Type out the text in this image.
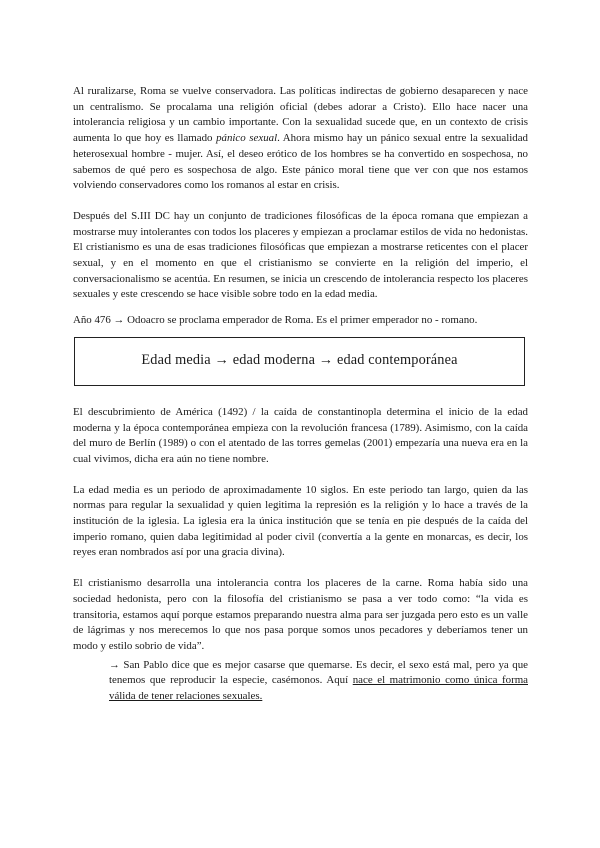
Al ruralizarse, Roma se vuelve conservadora. Las políticas indirectas de gobierno desaparecen y nace un centralismo. Se procalama una religión oficial (debes adorar a Cristo). Ello hace nacer una intolerancia religiosa y un cambio importante. Con la sexualidad sucede que, en un contexto de crisis aumenta lo que hoy es llamado pánico sexual. Ahora mismo hay un pánico sexual entre la sexualidad heterosexual hombre - mujer. Así, el deseo erótico de los hombres se ha convertido en sospechosa, no sabemos de qué pero es sospechosa de algo. Este pánico moral tiene que ver con que nos estamos volviendo conservadores como los romanos al estar en crisis.

Después del S.III DC hay un conjunto de tradiciones filosóficas de la época romana que empiezan a mostrarse muy intolerantes con todos los placeres y empiezan a proclamar estilos de vida no hedonistas. El cristianismo es una de esas tradiciones filosóficas que empiezan a mostrarse reticentes con el placer sexual, y en el momento en que el cristianismo se convierte en la religión del imperio, el conversacionalismo se acentúa. En resumen, se inicia un crescendo de intolerancia respecto los placeres sexuales y este crescendo se hace visible sobre todo en la edad media.

Año 476 → Odoacro se proclama emperador de Roma. Es el primer emperador no - romano.

Edad media → edad moderna → edad contemporánea

El descubrimiento de América (1492) / la caída de constantinopla determina el inicio de la edad moderna y la época contemporánea empieza con la revolución francesa (1789). Asimismo, con la caída del muro de Berlín (1989) o con el atentado de las torres gemelas (2001) empezaría una nueva era en la cual vivimos, dicha era aún no tiene nombre.

La edad media es un periodo de aproximadamente 10 siglos. En este periodo tan largo, quien da las normas para regular la sexualidad y quien legitima la represión es la religión y lo hace a través de la institución de la iglesia. La iglesia era la única institución que se tenía en pie después de la caída del imperio romano, quien daba legitimidad al poder civil (convertía a la gente en monarcas, es decir, los reyes eran nombrados así por una gracia divina).

El cristianismo desarrolla una intolerancia contra los placeres de la carne. Roma había sido una sociedad hedonista, pero con la filosofía del cristianismo se pasa a ver todo como: “la vida es transitoria, estamos aquí porque estamos preparando nuestra alma para ser juzgada pero esto es un valle de lágrimas y nos merecemos lo que nos pasa porque somos unos pecadores y deberíamos tener un modo y estilo sobrio de vida”.

→ San Pablo dice que es mejor casarse que quemarse. Es decir, el sexo está mal, pero ya que tenemos que reproducir la especie, casémonos. Aquí nace el matrimonio como única forma válida de tener relaciones sexuales.
